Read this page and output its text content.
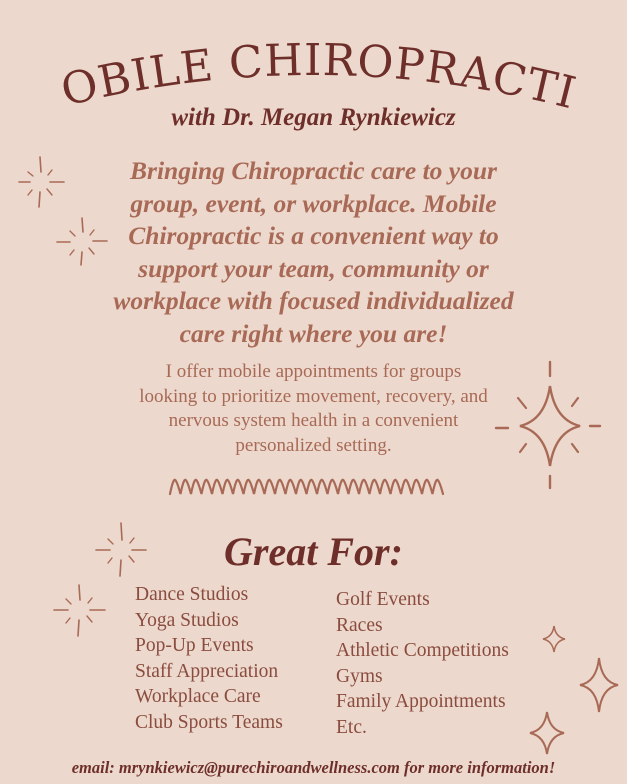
OBILE CHIROPRACTI
with Dr. Megan Rynkiewicz
Bringing Chiropractic care to your
group, event, or workplace. Mobile
Chiropractic is a convenient way to
support your team, community or
workplace with focused individualized
care right where you are!
I offer mobile appointments for groups
looking to prioritize movement, recovery, and
nervous system health in a convenient
personalized setting.
Great For:
Dance Studios
Yoga Studios
Pop-Up Events
Staff Appreciation
Workplace Care
Club Sports Teams
Golf Events
Races
Athletic Competitions
Gyms
Family Appointments
Etc.
email: mrynkiewicz@purechiroandwellness.com for more information!
